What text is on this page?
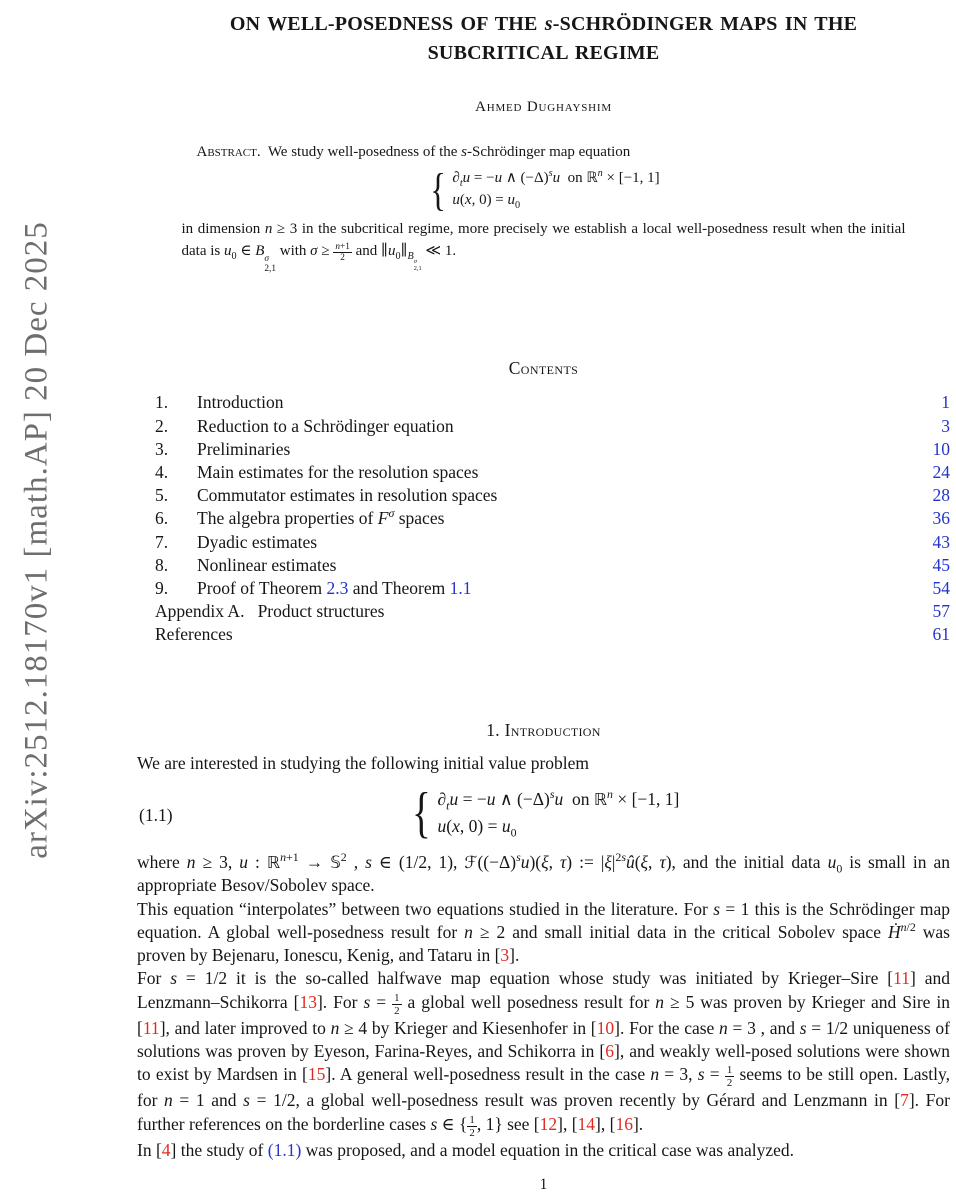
arXiv:2512.18170v1 [math.AP] 20 Dec 2025
ON WELL-POSEDNESS OF THE s-SCHRÖDINGER MAPS IN THE
SUBCRITICAL REGIME
Ahmed Dughayshim

Abstract. We study well-posedness of the s-Schrödinger map equation

{ $\partial_tu = -u$ ∧ $(-\Delta)^su$  on ℝ$^n$ × [−1, 1]
u(x, $0) = u_0$

in dimension n ≥ 3 in the subcritical regime, more precisely we establish a local well-posedness result when the initial data is $u_0$ ∈ B σ
2,1
with $\sigma \ge \frac{n+1}{2}$ and $\parallel u_0\parallel_{B \sigma 2,1}$
≪ 1.

Contents
1. Introduction	1
2. Reduction to a Schrödinger equation	3
3. Preliminaries	10
4. Main estimates for the resolution spaces	24
5. Commutator estimates in resolution spaces	28
6. The algebra properties of $F^\sigma$ spaces	36
7. Dyadic estimates	43
8. Nonlinear estimates	45
9. Proof of Theorem 2.3 and Theorem 1.1	54
Appendix A.   Product structures	57
References	61
1. Introduction

We are interested in studying the following initial value problem

(1.1)	{ $\partial_tu = -u$ ∧ $(-\Delta)^su$  on ℝ$^n$ × [−1, 1]
u(x, $0) = u_0$

where n ≥ 3, u : ℝ$^{n+1}$ → 𝕊$^2$ , s ∈ (1/2, 1), $ℱ((-\Delta)^su)(\xi$, τ) := $|\xi|^{2s}û(\xi$, τ), and the initial data $u_0$ is small in an appropriate Besov/Sobolev space.

This equation “interpolates” between two equations studied in the literature. For s = 1 this is the Schrödinger map equation. A global well-posedness result for n ≥ 2 and small initial data in the critical Sobolev space Ḣ$^{n/2}$ was proven by Bejenaru, Ionescu, Kenig, and Tataru in [3].

For s = 1/2 it is the so-called halfwave map equation whose study was initiated by Krieger–Sire [11] and Lenzmann–Schikorra [13]. For $s = \frac{1}{2}$ a global well posedness result for n ≥ 5 was proven by Krieger and Sire in [11], and later improved to n ≥ 4 by Krieger and Kiesenhofer in [10]. For the case n = 3 , and s = 1/2 uniqueness of solutions was proven by Eyeson, Farina-Reyes, and Schikorra in [6], and weakly well-posed solutions were shown to exist by Mardsen in [15]. A general well-posedness result in the case n = 3, $s = \frac{1}{2}$ seems to be still open. Lastly, for n = 1 and s = 1/2, a global well-posedness result was proven recently by Gérard and Lenzmann in [7]. For further references on the borderline cases s ∈ { $\frac{1}{2}$ , 1} see [12], [14], [16].

In [4] the study of (1.1) was proposed, and a model equation in the critical case was analyzed.

1
